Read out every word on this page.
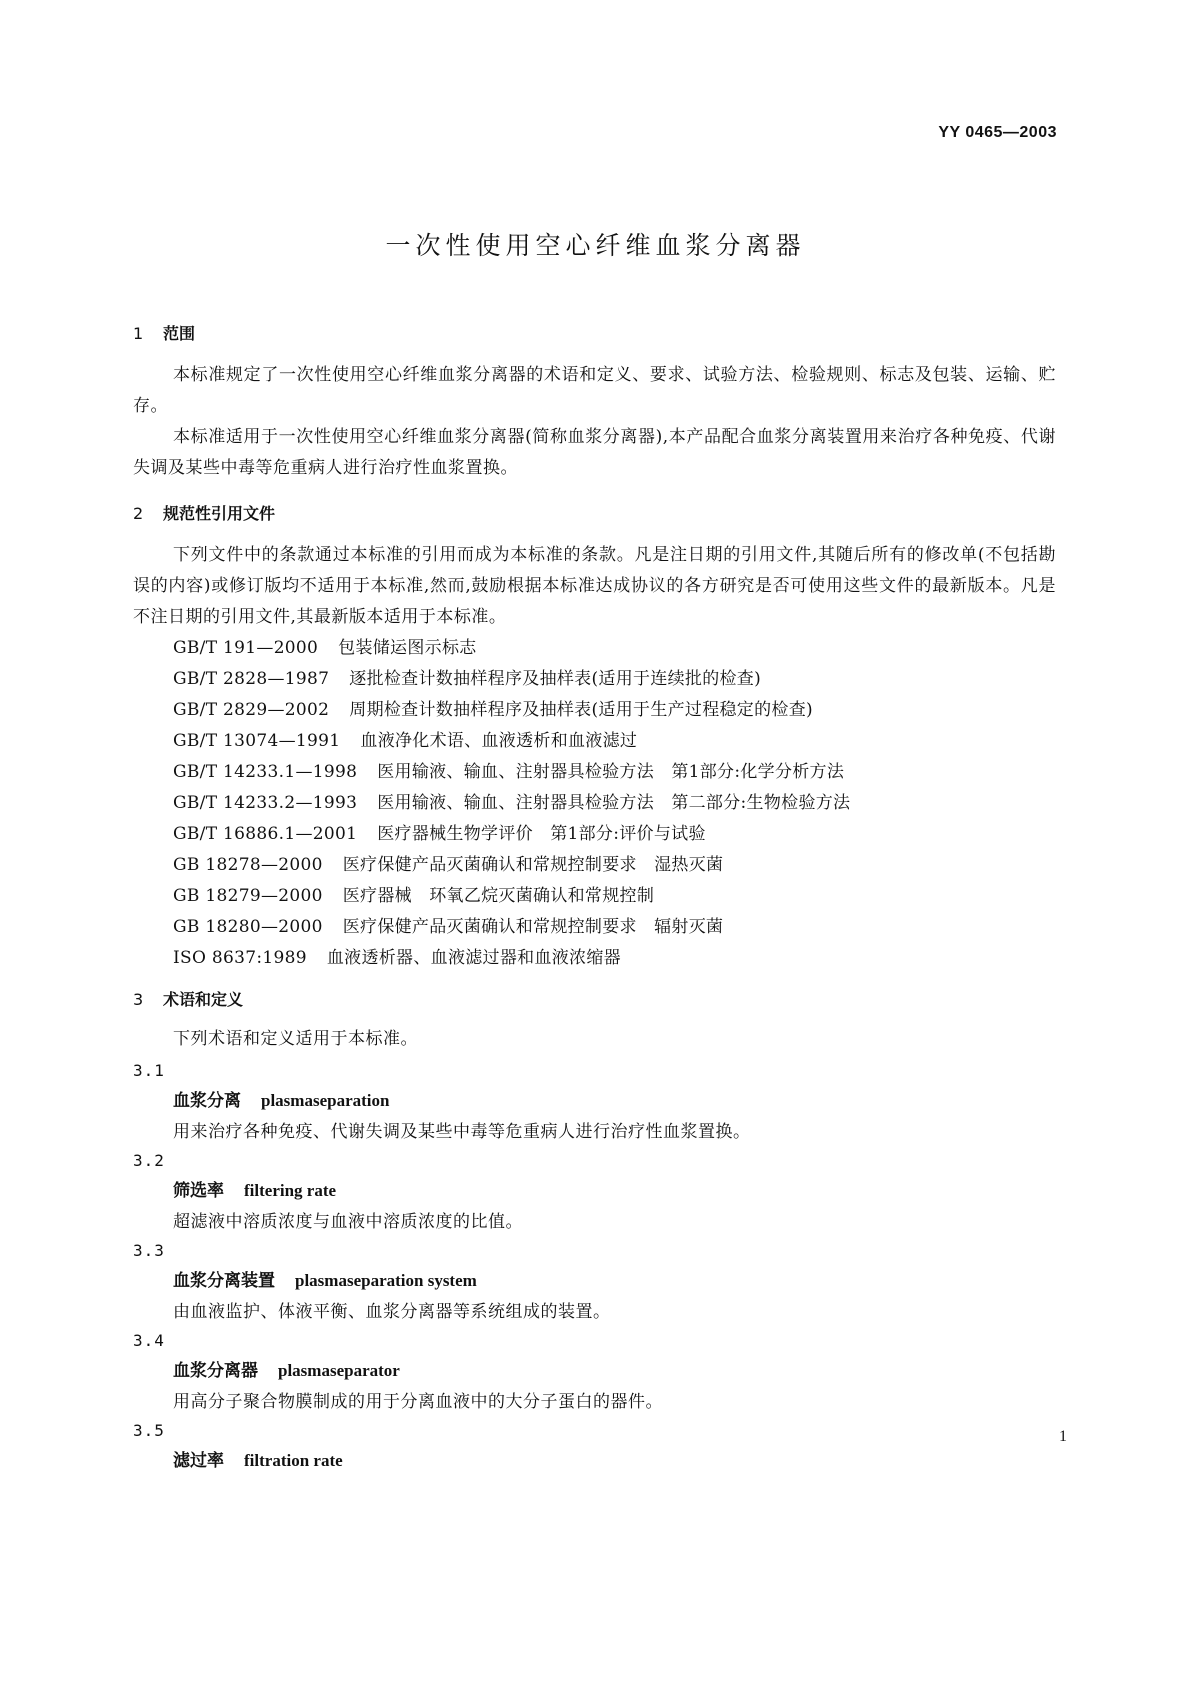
YY 0465—2003

一次性使用空心纤维血浆分离器
1 范围

本标准规定了一次性使用空心纤维血浆分离器的术语和定义、要求、试验方法、检验规则、标志及包装、运输、贮存。

本标准适用于一次性使用空心纤维血浆分离器(简称血浆分离器),本产品配合血浆分离装置用来治疗各种免疫、代谢失调及某些中毒等危重病人进行治疗性血浆置换。

2 规范性引用文件

下列文件中的条款通过本标准的引用而成为本标准的条款。凡是注日期的引用文件,其随后所有的修改单(不包括勘误的内容)或修订版均不适用于本标准,然而,鼓励根据本标准达成协议的各方研究是否可使用这些文件的最新版本。凡是不注日期的引用文件,其最新版本适用于本标准。

GB/T 191—2000 包装储运图示标志

GB/T 2828—1987 逐批检查计数抽样程序及抽样表(适用于连续批的检查)

GB/T 2829—2002 周期检查计数抽样程序及抽样表(适用于生产过程稳定的检查)

GB/T 13074—1991 血液净化术语、血液透析和血液滤过

GB/T 14233.1—1998 医用输液、输血、注射器具检验方法　第1部分:化学分析方法

GB/T 14233.2—1993 医用输液、输血、注射器具检验方法　第二部分:生物检验方法

GB/T 16886.1—2001 医疗器械生物学评价　第1部分:评价与试验

GB 18278—2000 医疗保健产品灭菌确认和常规控制要求　湿热灭菌

GB 18279—2000 医疗器械　环氧乙烷灭菌确认和常规控制

GB 18280—2000 医疗保健产品灭菌确认和常规控制要求　辐射灭菌

ISO 8637:1989 血液透析器、血液滤过器和血液浓缩器

3 术语和定义

下列术语和定义适用于本标准。

3.1

血浆分离 plasmaseparation

用来治疗各种免疫、代谢失调及某些中毒等危重病人进行治疗性血浆置换。

3.2

筛选率 filtering rate

超滤液中溶质浓度与血液中溶质浓度的比值。

3.3

血浆分离装置 plasmaseparation system

由血液监护、体液平衡、血浆分离器等系统组成的装置。

3.4

血浆分离器 plasmaseparator

用高分子聚合物膜制成的用于分离血液中的大分子蛋白的器件。

3.5

滤过率 filtration rate

1
